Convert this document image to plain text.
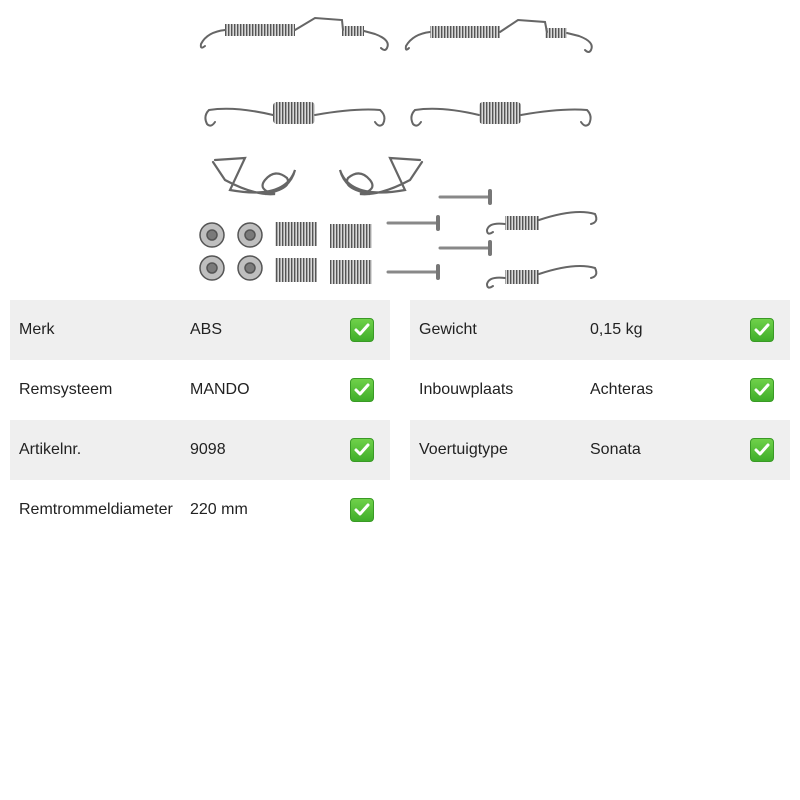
Merk	ABS
Remsysteem	MANDO
Artikelnr.	9098
Remtrommeldiameter 220 mm
Gewicht	0,15 kg
Inbouwplaats	Achteras
Voertuigtype	Sonata
